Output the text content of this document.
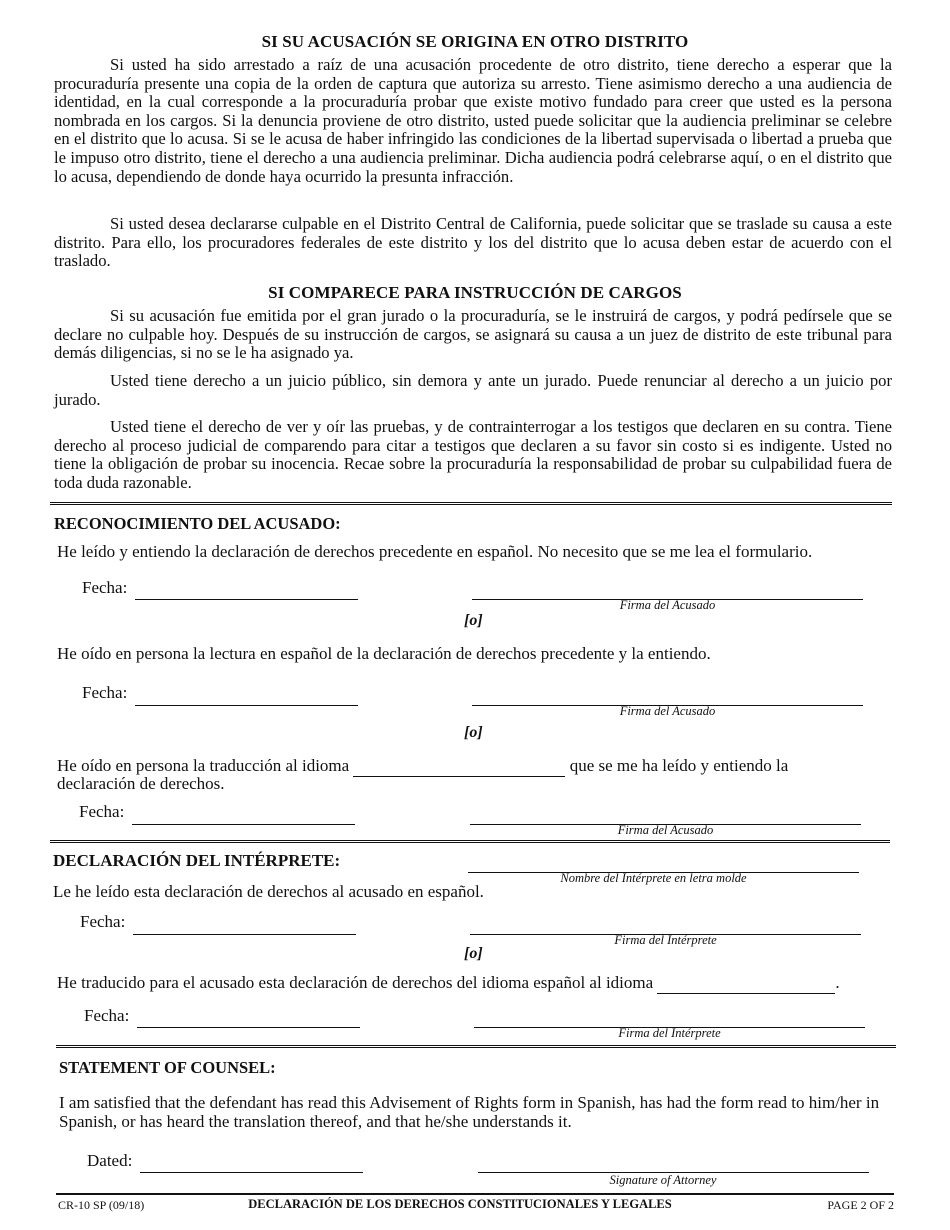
SI SU ACUSACIÓN SE ORIGINA EN OTRO DISTRITO

Si usted ha sido arrestado a raíz de una acusación procedente de otro distrito, tiene derecho a esperar que la procuraduría presente una copia de la orden de captura que autoriza su arresto. Tiene asimismo derecho a una audiencia de identidad, en la cual corresponde a la procuraduría probar que existe motivo fundado para creer que usted es la persona nombrada en los cargos. Si la denuncia proviene de otro distrito, usted puede solicitar que la audiencia preliminar se celebre en el distrito que lo acusa. Si se le acusa de haber infringido las condiciones de la libertad supervisada o libertad a prueba que le impuso otro distrito, tiene el derecho a una audiencia preliminar. Dicha audiencia podrá celebrarse aquí, o en el distrito que lo acusa, dependiendo de donde haya ocurrido la presunta infracción.

Si usted desea declararse culpable en el Distrito Central de California, puede solicitar que se traslade su causa a este distrito. Para ello, los procuradores federales de este distrito y los del distrito que lo acusa deben estar de acuerdo con el traslado.

SI COMPARECE PARA INSTRUCCIÓN DE CARGOS

Si su acusación fue emitida por el gran jurado o la procuraduría, se le instruirá de cargos, y podrá pedírsele que se declare no culpable hoy. Después de su instrucción de cargos, se asignará su causa a un juez de distrito de este tribunal para demás diligencias, si no se le ha asignado ya.

Usted tiene derecho a un juicio público, sin demora y ante un jurado. Puede renunciar al derecho a un juicio por jurado.

Usted tiene el derecho de ver y oír las pruebas, y de contrainterrogar a los testigos que declaren en su contra. Tiene derecho al proceso judicial de comparendo para citar a testigos que declaren a su favor sin costo si es indigente. Usted no tiene la obligación de probar su inocencia. Recae sobre la procuraduría la responsabilidad de probar su culpabilidad fuera de toda duda razonable.

RECONOCIMIENTO DEL ACUSADO:
He leído y entiendo la declaración de derechos precedente en español. No necesito que se me lea el formulario.
Fecha:
Firma del Acusado
[o]
He oído en persona la lectura en español de la declaración de derechos precedente y la entiendo.
Fecha:
Firma del Acusado
[o]
He oído en persona la traducción al idioma	que se me ha leído y entiendo la
declaración de derechos.
Fecha:
Firma del Acusado
DECLARACIÓN DEL INTÉRPRETE:
Nombre del Intérprete en letra molde
Le he leído esta declaración de derechos al acusado en español.
Fecha:
Firma del Intérprete
[o]
He traducido para el acusado esta declaración de derechos del idioma español al idioma	.
Fecha:
Firma del Intérprete
STATEMENT OF COUNSEL:

I am satisfied that the defendant has read this Advisement of Rights form in Spanish, has had the form read to him/her in Spanish, or has heard the translation thereof, and that he/she understands it.

Dated:
Signature of Attorney
CR-10 SP (09/18)	DECLARACIÓN DE LOS DERECHOS CONSTITUCIONALES Y LEGALES	PAGE 2 OF 2
